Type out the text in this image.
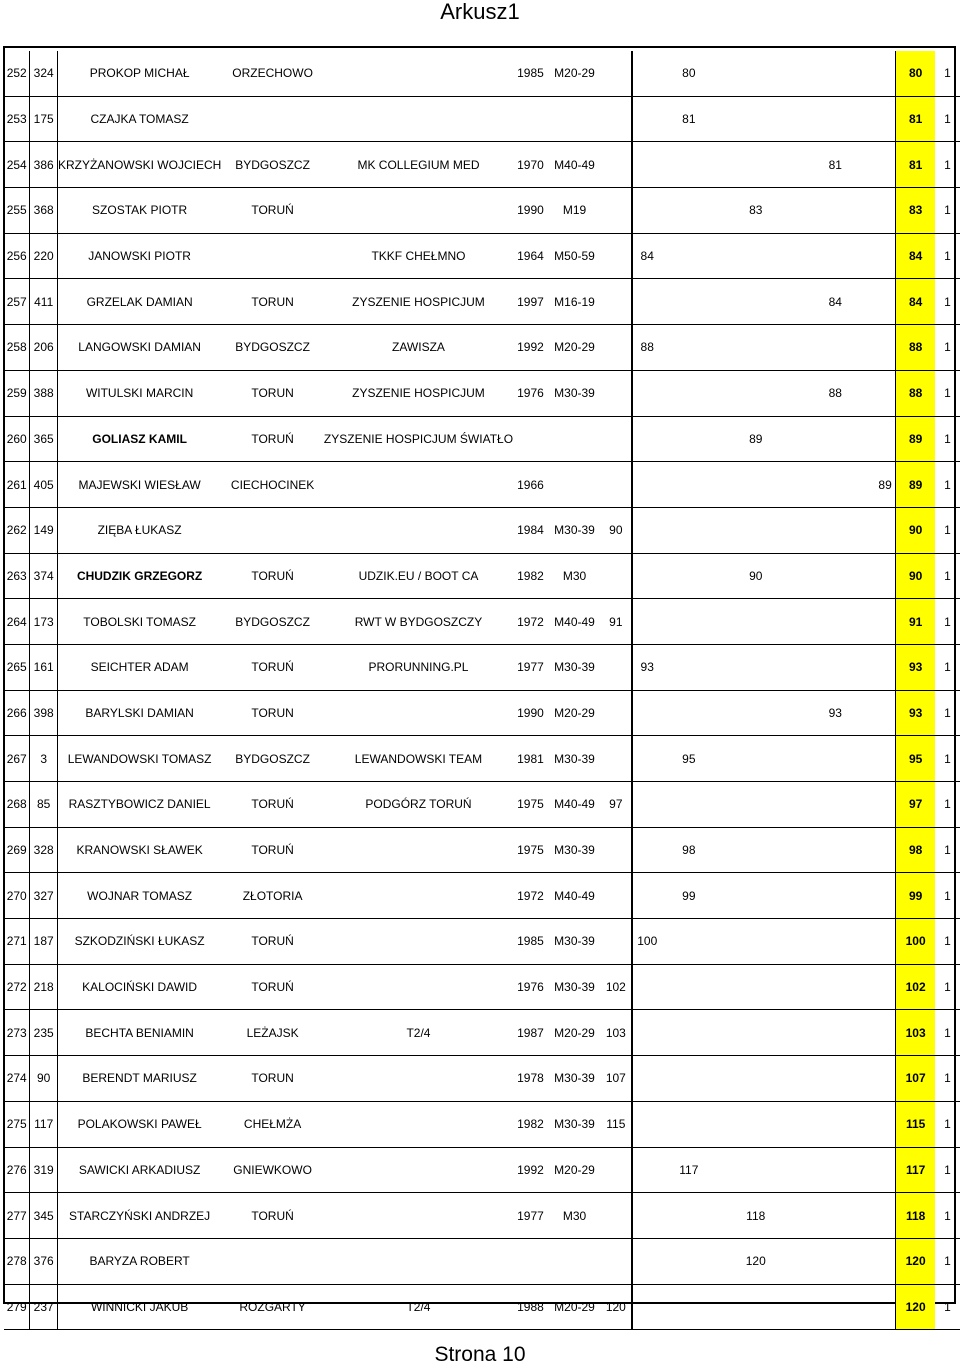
Arkusz1
252	324	PROKOP MICHAŁ	ORZECHOWO		1985	M20-29			80				80	1
253	175	CZAJKA TOMASZ							81				81	1
254	386	KRZYŻANOWSKI WOJCIECH	BYDGOSZCZ	MK COLLEGIUM MED	1970	M40-49					81		81	1
255	368	SZOSTAK PIOTR	TORUŃ		1990	M19				83			83	1
256	220	JANOWSKI PIOTR		TKKF CHEŁMNO	1964	M50-59		84					84	1
257	411	GRZELAK DAMIAN	TORUN	ZYSZENIE HOSPICJUM	1997	M16-19					84		84	1
258	206	LANGOWSKI DAMIAN	BYDGOSZCZ	ZAWISZA	1992	M20-29		88					88	1
259	388	WITULSKI MARCIN	TORUN	ZYSZENIE HOSPICJUM	1976	M30-39					88		88	1
260	365	GOLIASZ KAMIL	TORUŃ	ZYSZENIE HOSPICJUM ŚWIATŁO						89			89	1
261	405	MAJEWSKI WIESŁAW	CIECHOCINEK		1966							89	89	1
262	149	ZIĘBA ŁUKASZ			1984	M30-39	90						90	1
263	374	CHUDZIK GRZEGORZ	TORUŃ	UDZIK.EU / BOOT CA	1982	M30				90			90	1
264	173	TOBOLSKI TOMASZ	BYDGOSZCZ	RWT W BYDGOSZCZY	1972	M40-49	91						91	1
265	161	SEICHTER ADAM	TORUŃ	PRORUNNING.PL	1977	M30-39		93					93	1
266	398	BARYLSKI DAMIAN	TORUN		1990	M20-29					93		93	1
267	3	LEWANDOWSKI TOMASZ	BYDGOSZCZ	LEWANDOWSKI TEAM	1981	M30-39			95				95	1
268	85	RASZTYBOWICZ DANIEL	TORUŃ	PODGÓRZ TORUŃ	1975	M40-49	97						97	1
269	328	KRANOWSKI SŁAWEK	TORUŃ		1975	M30-39			98				98	1
270	327	WOJNAR TOMASZ	ZŁOTORIA		1972	M40-49			99				99	1
271	187	SZKODZIŃSKI ŁUKASZ	TORUŃ		1985	M30-39		100					100	1
272	218	KALOCIŃSKI DAWID	TORUŃ		1976	M30-39	102						102	1
273	235	BECHTA BENIAMIN	LEŻAJSK	T2/4	1987	M20-29	103						103	1
274	90	BERENDT MARIUSZ	TORUN		1978	M30-39	107						107	1
275	117	POLAKOWSKI PAWEŁ	CHEŁMŻA		1982	M30-39	115						115	1
276	319	SAWICKI ARKADIUSZ	GNIEWKOWO		1992	M20-29			117				117	1
277	345	STARCZYŃSKI ANDRZEJ	TORUŃ		1977	M30				118			118	1
278	376	BARYZA ROBERT								120			120	1
279	237	WINNICKI JAKUB	ROZGARTY	T2/4	1988	M20-29	120						120	1
Strona 10
